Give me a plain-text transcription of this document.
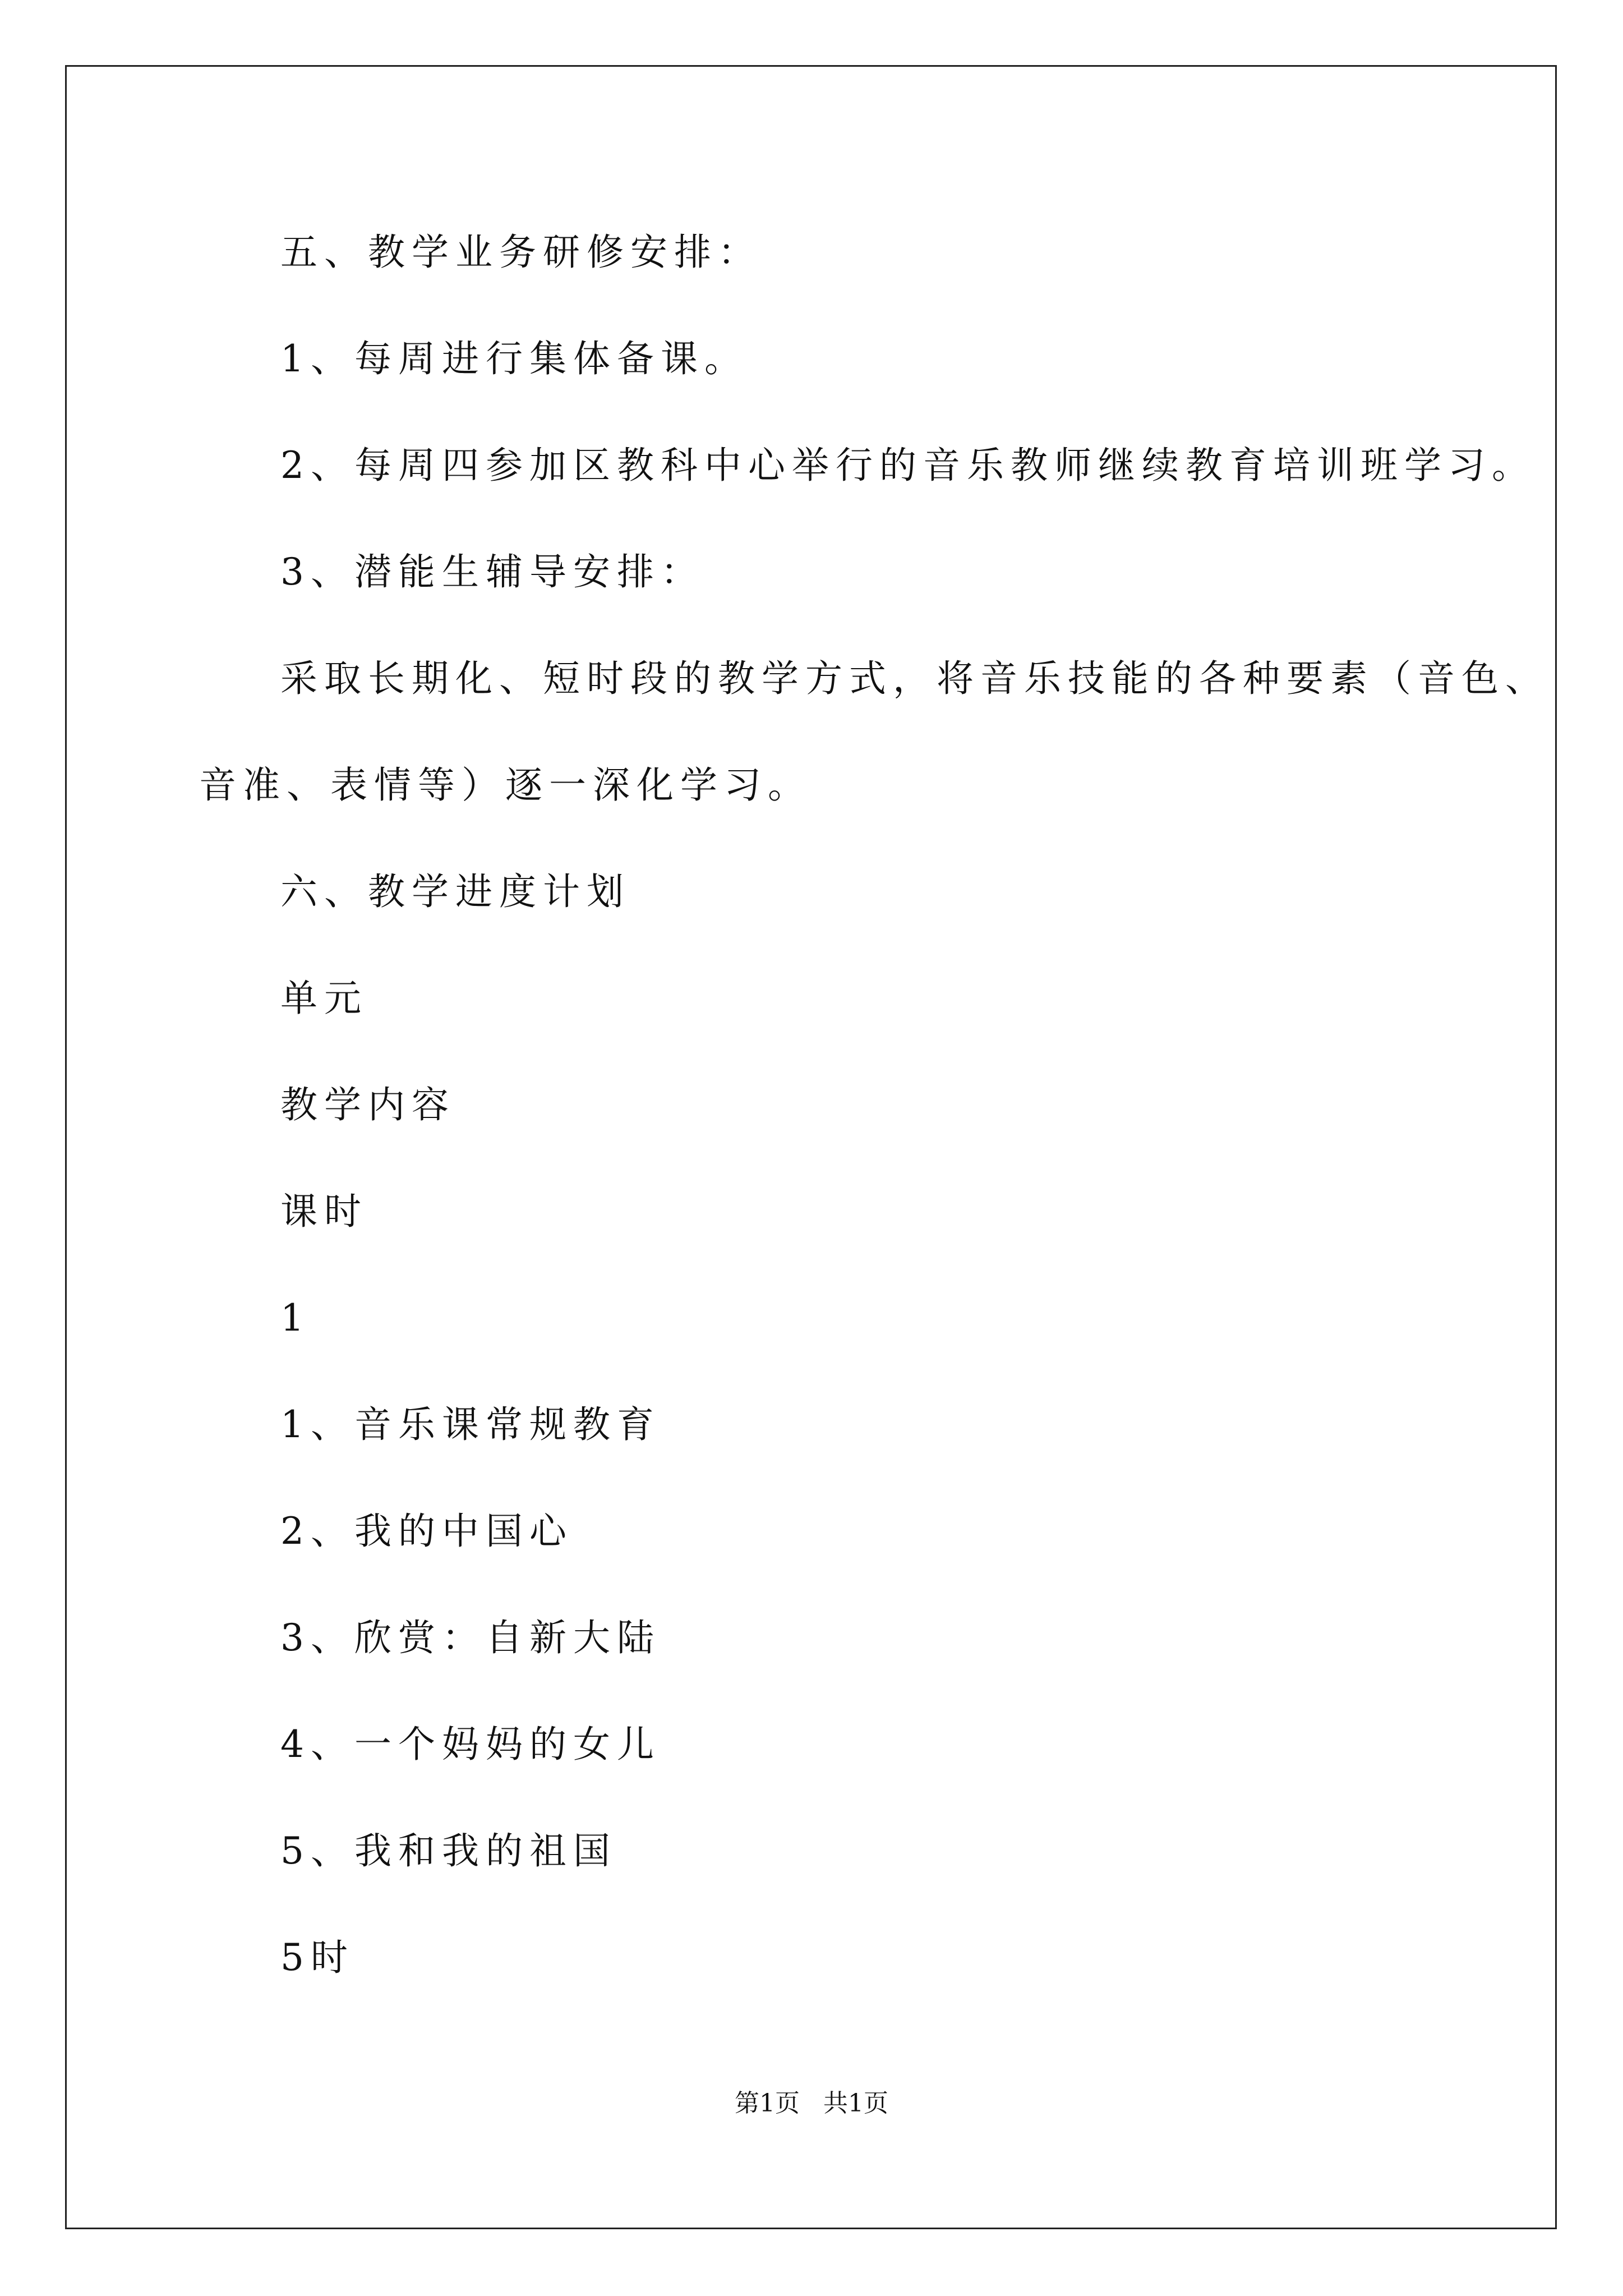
五、教学业务研修安排：
1、每周进行集体备课。
2、每周四参加区教科中心举行的音乐教师继续教育培训班学习。
3、潜能生辅导安排：
采取长期化、短时段的教学方式，将音乐技能的各种要素（音色、
音准、表情等）逐一深化学习。
六、教学进度计划
单元
教学内容
课时
1
1、音乐课常规教育
2、我的中国心
3、欣赏：自新大陆
4、一个妈妈的女儿
5、我和我的祖国
5时
第1页   共1页
